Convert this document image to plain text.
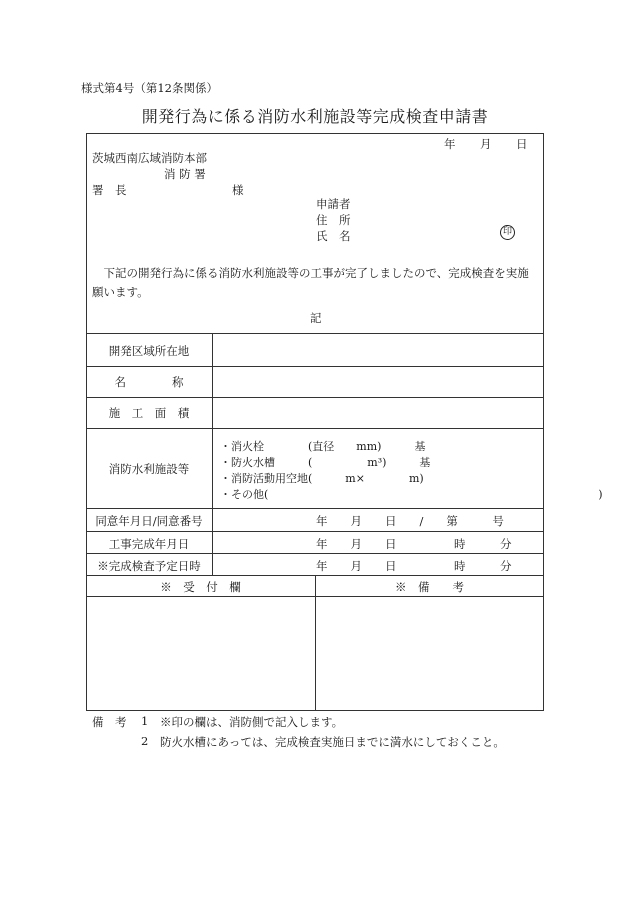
様式第4号（第12条関係）
開発行為に係る消防水利施設等完成検査申請書
年 月 日
茨城西南広域消防本部
消 防 署
署　長	様
申請者
住　所
氏　名	印
下記の開発行為に係る消防水利施設等の工事が完了しましたので、完成検査を実施願います。
記
開発区域所在地
名　　　　称
施　工　面　積
消防水利施設等
・消火栓　　　　(直径　　mm)　　　基
・防火水槽　　　(　　　　　m³)　　　基
・消防活動用空地(　　　m×　　　　m)
・その他(　　　　　　　　　　　　　　　　　　　　　　　　　　　　　　)
同意年月日/同意番号	年　　月　　日　　/　　第　　　号
工事完成年月日	年　　月　　日　　　　　時　　　分
※完成検査予定日時	年　　月　　日　　　　　時　　　分
※　受　付　欄	※　備　　考
備　考 1 ※印の欄は、消防側で記入します。
2 防火水槽にあっては、完成検査実施日までに満水にしておくこと。
